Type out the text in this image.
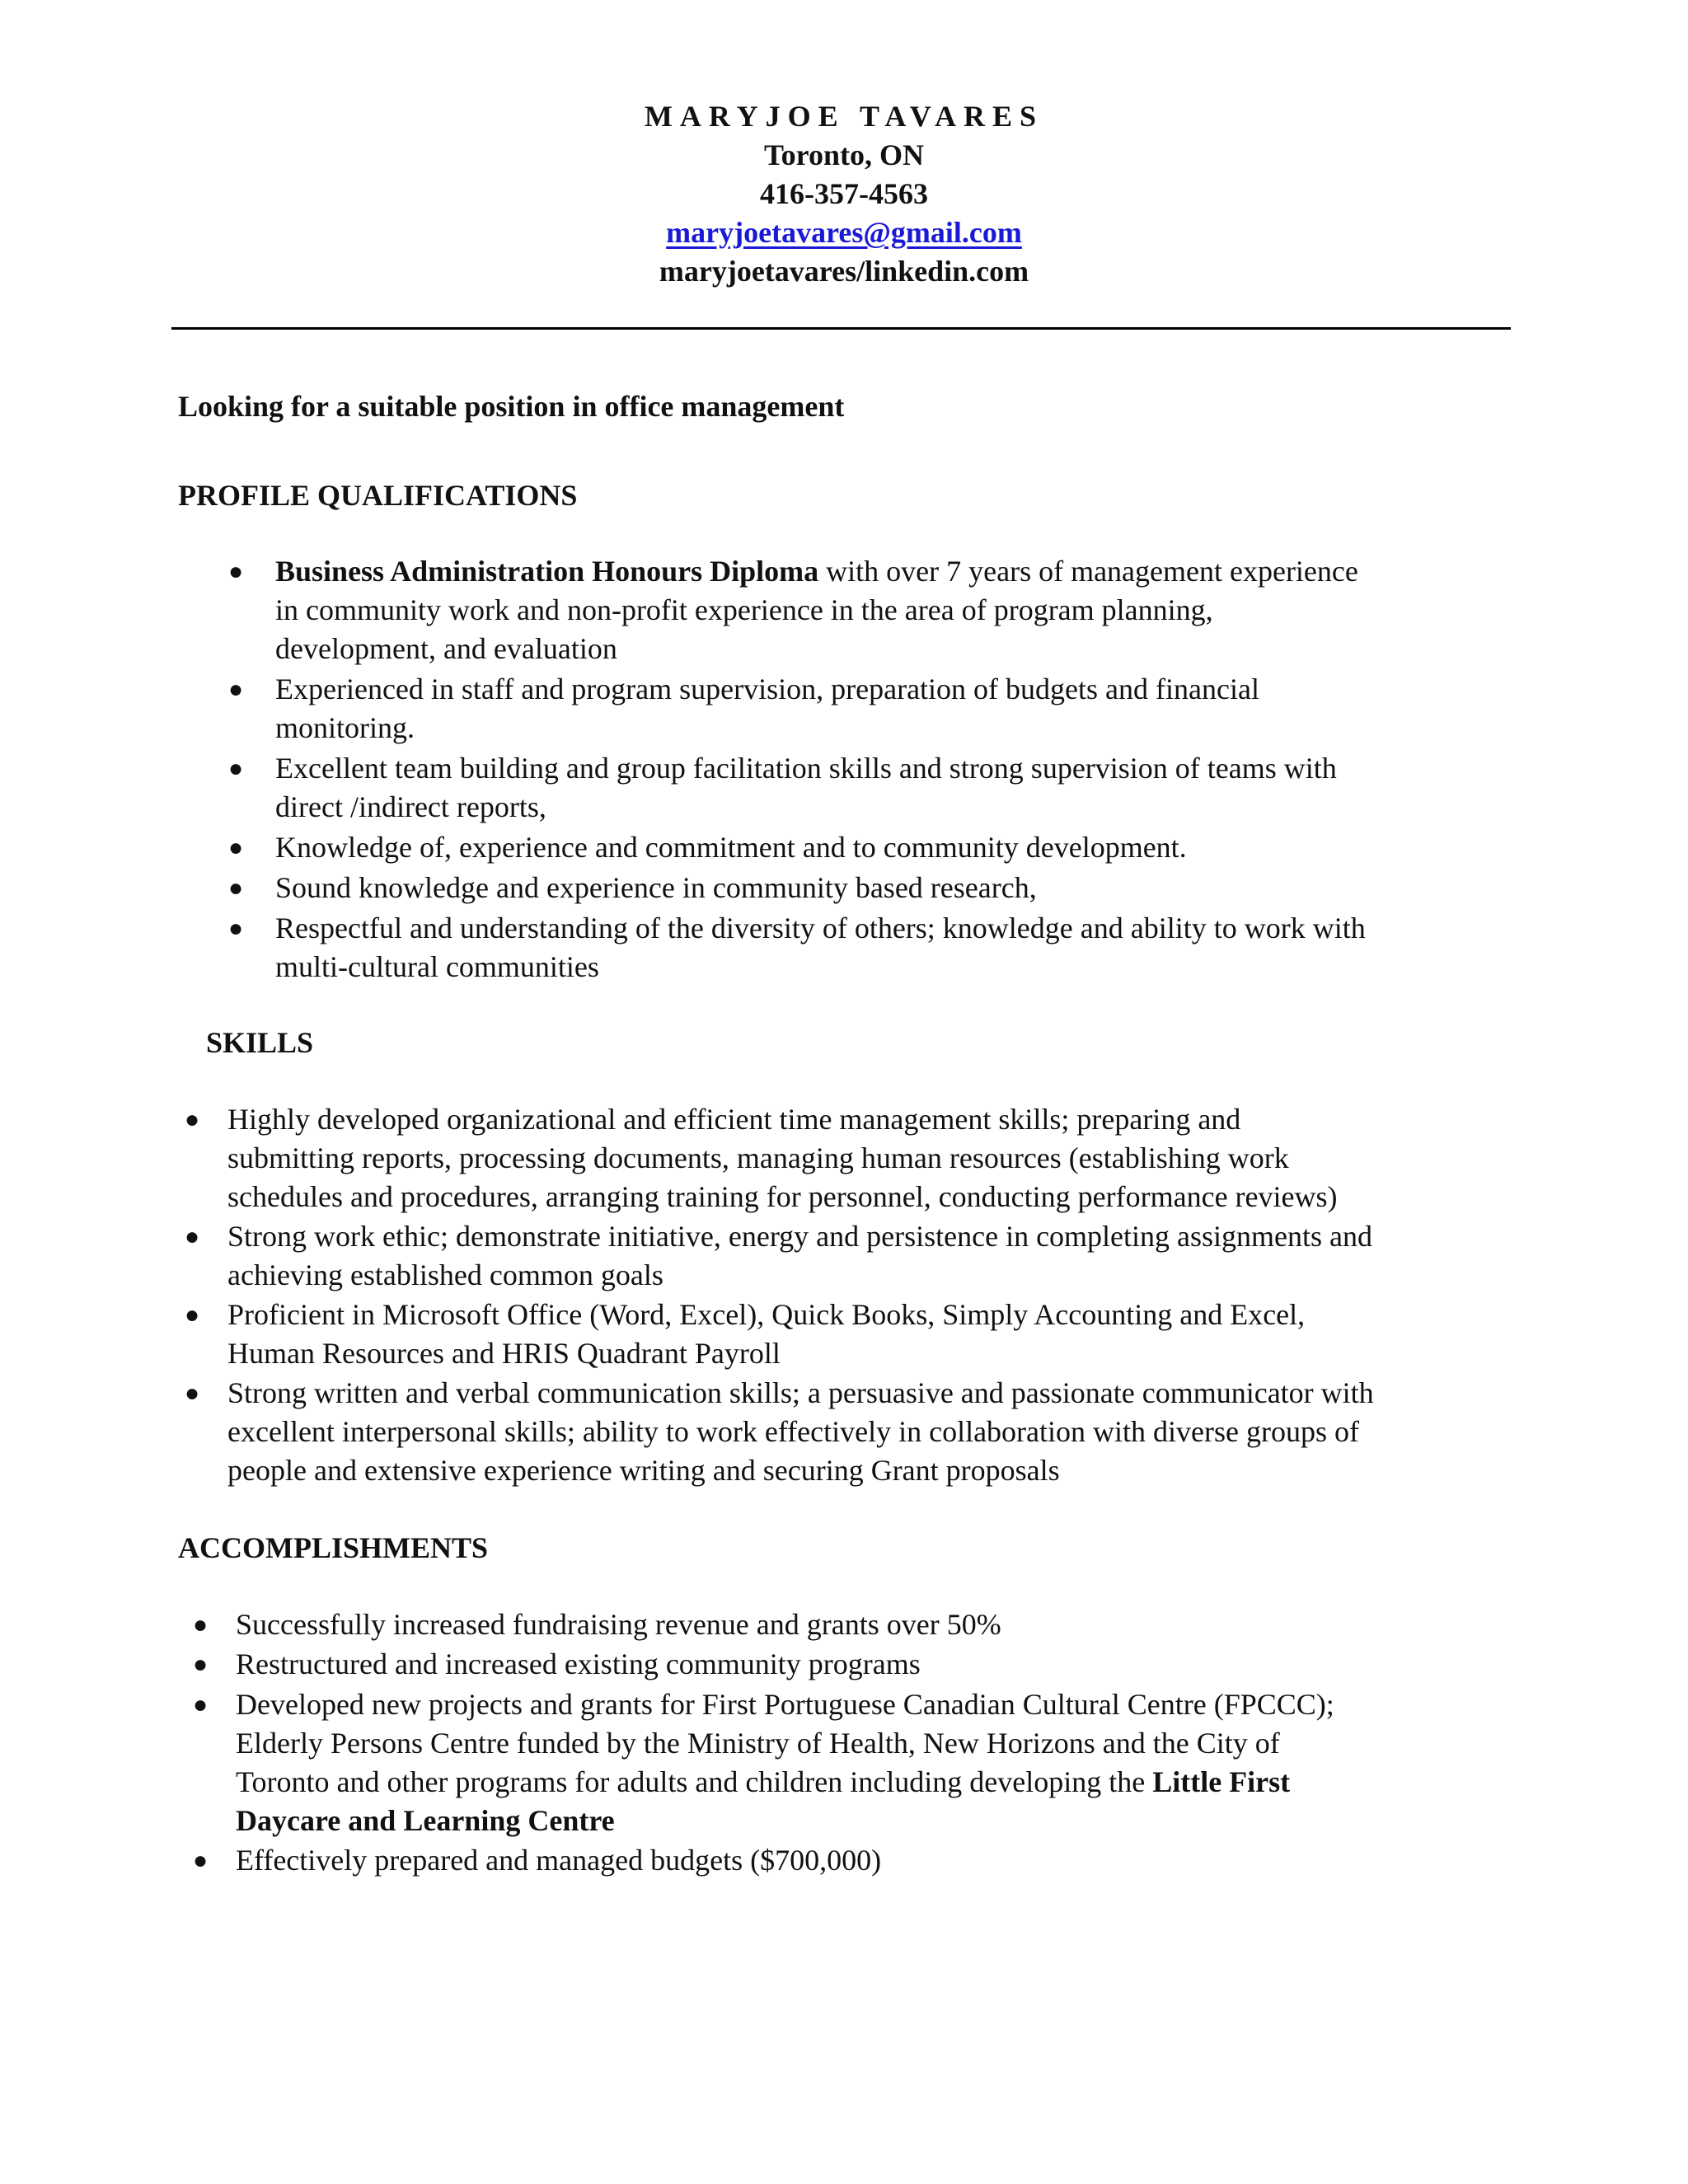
MARYJOE TAVARES
Toronto, ON
416-357-4563
maryjoetavares@gmail.com
maryjoetavares/linkedin.com
Looking for a suitable position in office management
PROFILE QUALIFICATIONS
● Business Administration Honours Diploma with over 7 years of management experience
in community work and non-profit experience in the area of program planning,
development, and evaluation
● Experienced in staff and program supervision, preparation of budgets and financial
monitoring.
● Excellent team building and group facilitation skills and strong supervision of teams with
direct /indirect reports,
● Knowledge of, experience and commitment and to community development.
● Sound knowledge and experience in community based research,
● Respectful and understanding of the diversity of others; knowledge and ability to work with
multi-cultural communities
SKILLS
● Highly developed organizational and efficient time management skills; preparing and
submitting reports, processing documents, managing human resources (establishing work
schedules and procedures, arranging training for personnel, conducting performance reviews)
● Strong work ethic; demonstrate initiative, energy and persistence in completing assignments and
achieving established common goals
● Proficient in Microsoft Office (Word, Excel), Quick Books, Simply Accounting and Excel,
Human Resources and HRIS Quadrant Payroll
● Strong written and verbal communication skills; a persuasive and passionate communicator with
excellent interpersonal skills; ability to work effectively in collaboration with diverse groups of
people and extensive experience writing and securing Grant proposals
ACCOMPLISHMENTS
● Successfully increased fundraising revenue and grants over 50%
● Restructured and increased existing community programs
● Developed new projects and grants for First Portuguese Canadian Cultural Centre (FPCCC);
Elderly Persons Centre funded by the Ministry of Health, New Horizons and the City of
Toronto and other programs for adults and children including developing the Little First
Daycare and Learning Centre
● Effectively prepared and managed budgets ($700,000)
